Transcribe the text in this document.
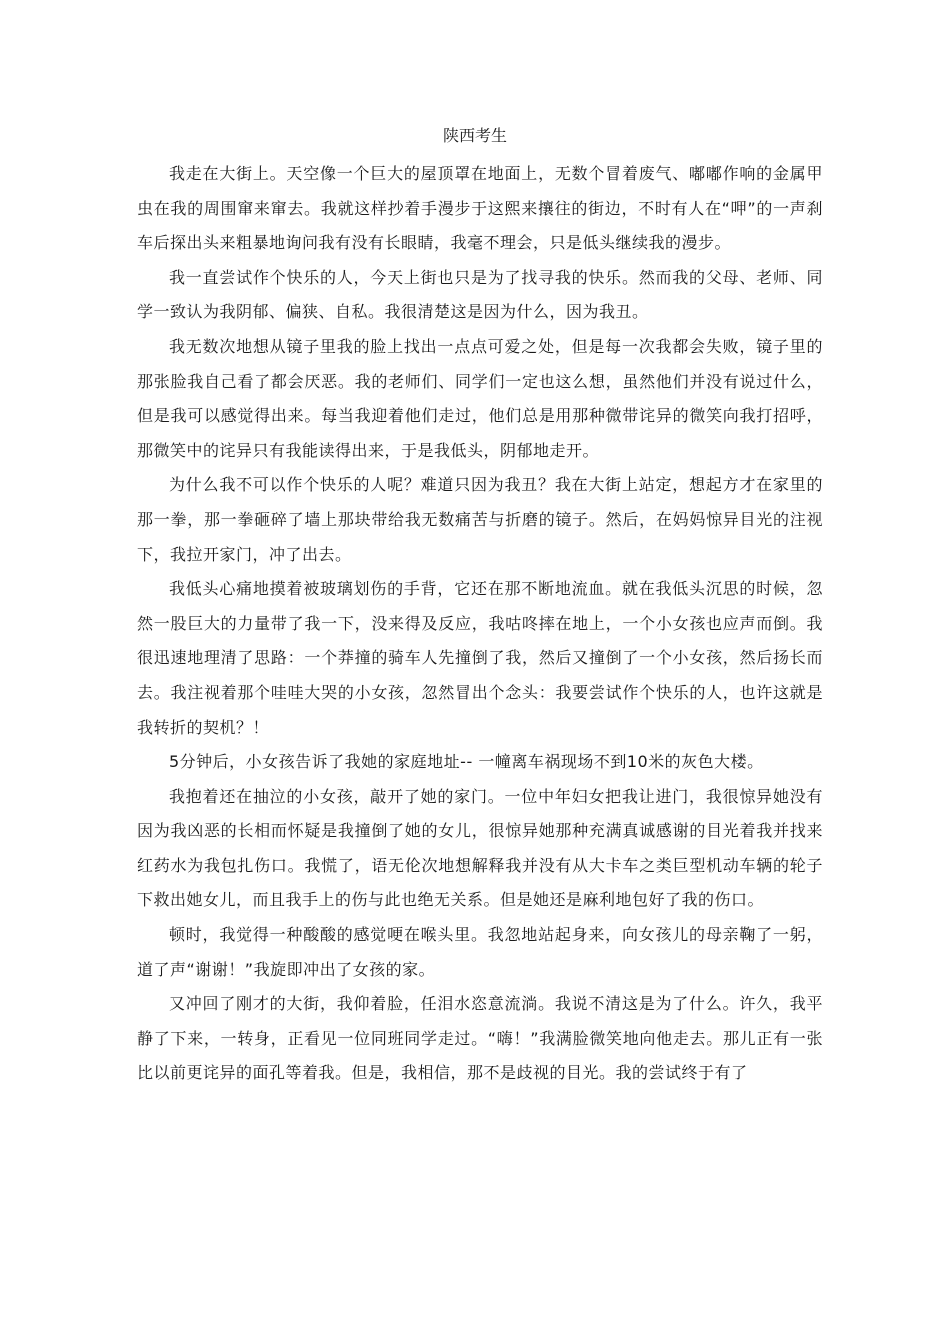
陕西考生

我走在大街上。天空像一个巨大的屋顶罩在地面上，无数个冒着废气、嘟嘟作响的金属甲虫在我的周围窜来窜去。我就这样抄着手漫步于这熙来攘往的街边，不时有人在“呷”的一声刹车后探出头来粗暴地询问我有没有长眼睛，我毫不理会，只是低头继续我的漫步。

我一直尝试作个快乐的人，今天上街也只是为了找寻我的快乐。然而我的父母、老师、同学一致认为我阴郁、偏狭、自私。我很清楚这是因为什么，因为我丑。

我无数次地想从镜子里我的脸上找出一点点可爱之处，但是每一次我都会失败，镜子里的那张脸我自己看了都会厌恶。我的老师们、同学们一定也这么想，虽然他们并没有说过什么，但是我可以感觉得出来。每当我迎着他们走过，他们总是用那种微带诧异的微笑向我打招呼，那微笑中的诧异只有我能读得出来，于是我低头，阴郁地走开。

为什么我不可以作个快乐的人呢？难道只因为我丑？我在大街上站定，想起方才在家里的那一拳，那一拳砸碎了墙上那块带给我无数痛苦与折磨的镜子。然后，在妈妈惊异目光的注视下，我拉开家门，冲了出去。

我低头心痛地摸着被玻璃划伤的手背，它还在那不断地流血。就在我低头沉思的时候，忽然一股巨大的力量带了我一下，没来得及反应，我咕咚摔在地上，一个小女孩也应声而倒。我很迅速地理清了思路：一个莽撞的骑车人先撞倒了我，然后又撞倒了一个小女孩，然后扬长而去。我注视着那个哇哇大哭的小女孩，忽然冒出个念头：我要尝试作个快乐的人，也许这就是我转折的契机？！

5分钟后，小女孩告诉了我她的家庭地址-- 一幢离车祸现场不到10米的灰色大楼。

我抱着还在抽泣的小女孩，敲开了她的家门。一位中年妇女把我让进门，我很惊异她没有因为我凶恶的长相而怀疑是我撞倒了她的女儿，很惊异她那种充满真诚感谢的目光着我并找来红药水为我包扎伤口。我慌了，语无伦次地想解释我并没有从大卡车之类巨型机动车辆的轮子下救出她女儿，而且我手上的伤与此也绝无关系。但是她还是麻利地包好了我的伤口。

顿时，我觉得一种酸酸的感觉哽在喉头里。我忽地站起身来，向女孩儿的母亲鞠了一躬，道了声“谢谢！”我旋即冲出了女孩的家。

又冲回了刚才的大街，我仰着脸，任泪水恣意流淌。我说不清这是为了什么。许久，我平静了下来，一转身，正看见一位同班同学走过。“嗨！”我满脸微笑地向他走去。那儿正有一张比以前更诧异的面孔等着我。但是，我相信，那不是歧视的目光。我的尝试终于有了
